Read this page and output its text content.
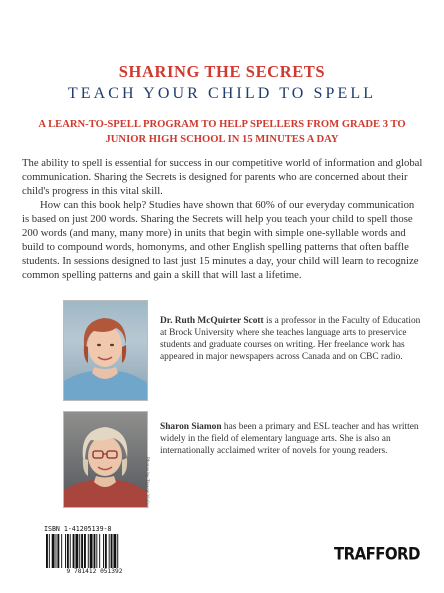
SHARING THE SECRETS
TEACH YOUR CHILD TO SPELL
A LEARN-TO-SPELL PROGRAM TO HELP SPELLERS FROM GRADE 3 TO JUNIOR HIGH SCHOOL IN 15 MINUTES A DAY

The ability to spell is essential for success in our competitive world of information and global communication. Sharing the Secrets is designed for parents who are concerned about their child's progress in this vital skill.

How can this book help? Studies have shown that 60% of our everyday communication is based on just 200 words. Sharing the Secrets will help you teach your child to spell those 200 words (and many, many more) in units that begin with simple one-syllable words and build to compound words, homonyms, and other English spelling patterns that often baffle students. In sessions designed to last just 15 minutes a day, your child will learn to recognize common spelling patterns and gain a skill that will last a lifetime.

Photos by Trevor Vorley
Dr. Ruth McQuirter Scott is a professor in the Faculty of Education at Brock University where she teaches language arts to preservice students and graduate courses on writing. Her freelance work has appeared in major newspapers across Canada and on CBC radio.
Sharon Siamon has been a primary and ESL teacher and has written widely in the field of elementary language arts. She is also an internationally acclaimed writer of novels for young readers.
ISBN 1-41205139-8
9 781412 051392
TRAFFORD
